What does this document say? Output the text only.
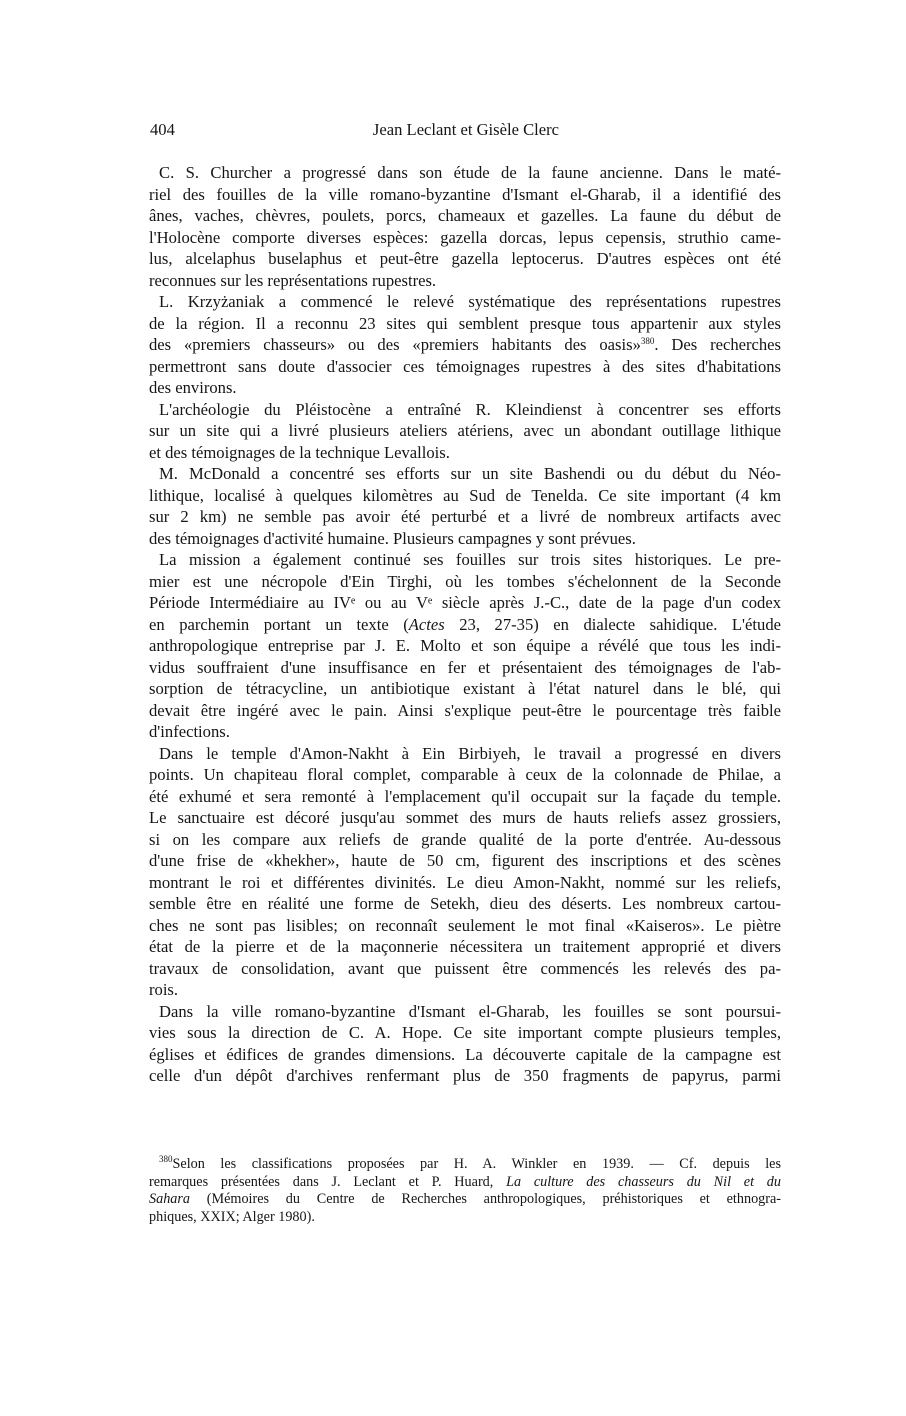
404	Jean Leclant et Gisèle Clerc

C. S. Churcher a progressé dans son étude de la faune ancienne. Dans le maté-
riel des fouilles de la ville romano-byzantine d'Ismant el-Gharab, il a identifié des
ânes, vaches, chèvres, poulets, porcs, chameaux et gazelles. La faune du début de
l'Holocène comporte diverses espèces: gazella dorcas, lepus cepensis, struthio came-
lus, alcelaphus buselaphus et peut-être gazella leptocerus. D'autres espèces ont été
reconnues sur les représentations rupestres.

L. Krzyżaniak a commencé le relevé systématique des représentations rupestres
de la région. Il a reconnu 23 sites qui semblent presque tous appartenir aux styles
des «premiers chasseurs» ou des «premiers habitants des oasis»$^{380}$. Des recherches
permettront sans doute d'associer ces témoignages rupestres à des sites d'habitations
des environs.

L'archéologie du Pléistocène a entraîné R. Kleindienst à concentrer ses efforts
sur un site qui a livré plusieurs ateliers atériens, avec un abondant outillage lithique
et des témoignages de la technique Levallois.

M. McDonald a concentré ses efforts sur un site Bashendi ou du début du Néo-
lithique, localisé à quelques kilomètres au Sud de Tenelda. Ce site important (4 km
sur 2 km) ne semble pas avoir été perturbé et a livré de nombreux artifacts avec
des témoignages d'activité humaine. Plusieurs campagnes y sont prévues.

La mission a également continué ses fouilles sur trois sites historiques. Le pre-
mier est une nécropole d'Ein Tirghi, où les tombes s'échelonnent de la Seconde
Période Intermédiaire au IVᵉ ou au Vᵉ siècle après J.-C., date de la page d'un codex
en parchemin portant un texte (Actes 23, 27-35) en dialecte sahidique. L'étude
anthropologique entreprise par J. E. Molto et son équipe a révélé que tous les indi-
vidus souffraient d'une insuffisance en fer et présentaient des témoignages de l'ab-
sorption de tétracycline, un antibiotique existant à l'état naturel dans le blé, qui
devait être ingéré avec le pain. Ainsi s'explique peut-être le pourcentage très faible
d'infections.

Dans le temple d'Amon-Nakht à Ein Birbiyeh, le travail a progressé en divers
points. Un chapiteau floral complet, comparable à ceux de la colonnade de Philae, a
été exhumé et sera remonté à l'emplacement qu'il occupait sur la façade du temple.
Le sanctuaire est décoré jusqu'au sommet des murs de hauts reliefs assez grossiers,
si on les compare aux reliefs de grande qualité de la porte d'entrée. Au-dessous
d'une frise de «khekher», haute de 50 cm, figurent des inscriptions et des scènes
montrant le roi et différentes divinités. Le dieu Amon-Nakht, nommé sur les reliefs,
semble être en réalité une forme de Setekh, dieu des déserts. Les nombreux cartou-
ches ne sont pas lisibles; on reconnaît seulement le mot final «Kaiseros». Le piètre
état de la pierre et de la maçonnerie nécessitera un traitement approprié et divers
travaux de consolidation, avant que puissent être commencés les relevés des pa-
rois.

Dans la ville romano-byzantine d'Ismant el-Gharab, les fouilles se sont poursui-
vies sous la direction de C. A. Hope. Ce site important compte plusieurs temples,
églises et édifices de grandes dimensions. La découverte capitale de la campagne est
celle d'un dépôt d'archives renfermant plus de 350 fragments de papyrus, parmi

$^{380}$Selon les classifications proposées par H. A. Winkler en 1939. — Cf. depuis les
remarques présentées dans J. Leclant et P. Huard, La culture des chasseurs du Nil et du
Sahara (Mémoires du Centre de Recherches anthropologiques, préhistoriques et ethnogra-
phiques, XXIX; Alger 1980).
